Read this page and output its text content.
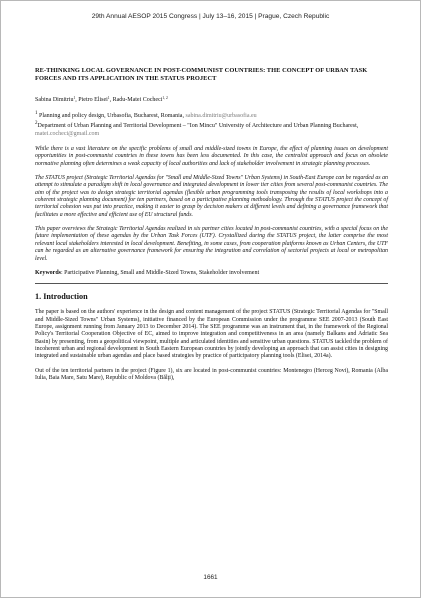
29th Annual AESOP 2015 Congress | July 13–16, 2015 | Prague, Czech Republic
RE-THINKING LOCAL GOVERNANCE IN POST-COMMUNIST COUNTRIES: THE CONCEPT OF URBAN TASK FORCES AND ITS APPLICATION IN THE STATUS PROJECT
Sabina Dimitriu$^1$, Pietro Elisei$^1$, Radu-Matei Cocheci$^{1, 2}$
$^1$ Planning and policy design, Urbasofia, Bucharest, Romania, sabina.dimitriu@urbasofia.eu
$^2$Department of Urban Planning and Territorial Development – "Ion Mincu" University of Architecture and Urban Planning Bucharest, matei.cocheci@gmail.com

While there is a vast literature on the specific problems of small and middle-sized towns in Europe, the effect of planning issues on development opportunities in post-communist countries in these towns has been less documented. In this case, the centralist approach and focus on obsolete normative planning often determines a weak capacity of local authorities and lack of stakeholder involvement in strategic planning processes.

The STATUS project (Strategic Territorial Agendas for "Small and Middle-Sized Towns" Urban Systems) in South-East Europe can be regarded as an attempt to stimulate a paradigm shift in local governance and integrated development in lower tier cities from several post-communist countries. The aim of the project was to design strategic territorial agendas (flexible urban programming tools transposing the results of local workshops into a coherent strategic planning document) for ten partners, based on a participative planning methodology. Through the STATUS project the concept of territorial cohesion was put into practice, making it easier to grasp by decision makers at different levels and defining a governance framework that facilitates a more effective and efficient use of EU structural funds.

This paper overviews the Strategic Territorial Agendas realized in six partner cities located in post-communist countries, with a special focus on the future implementation of these agendas by the Urban Task Forces (UTF). Crystallized during the STATUS project, the latter comprise the most relevant local stakeholders interested in local development. Benefiting, in some cases, from cooperation platforms known as Urban Centers, the UTF can be regarded as an alternative governance framework for ensuring the integration and correlation of sectorial projects at local or metropolitan level.

Keywords: Participative Planning, Small and Middle-Sized Towns, Stakeholder involvement
1. Introduction

The paper is based on the authors' experience in the design and content management of the project STATUS (Strategic Territorial Agendas for "Small and Middle-Sized Towns" Urban Systems), initiative financed by the European Commission under the programme SEE 2007-2013 (South East Europe, assignment running from January 2013 to December 2014). The SEE programme was an instrument that, in the framework of the Regional Policy's Territorial Cooperation Objective of EC, aimed to improve integration and competitiveness in an area (namely Balkans and Adriatic Sea Basin) by presenting, from a geopolitical viewpoint, multiple and articulated identities and sensitive urban questions. STATUS tackled the problem of incoherent urban and regional development in South Eastern European countries by jointly developing an approach that can assist cities in designing integrated and sustainable urban agendas and place based strategies by practice of participatory planning tools (Elisei, 2014a).

Out of the ten territorial partners in the project (Figure 1), six are located in post-communist countries: Montenegro (Herceg Novi), Romania (Alba Iulia, Baia Mare, Satu Mare), Republic of Moldova (Bălţi),

1661
